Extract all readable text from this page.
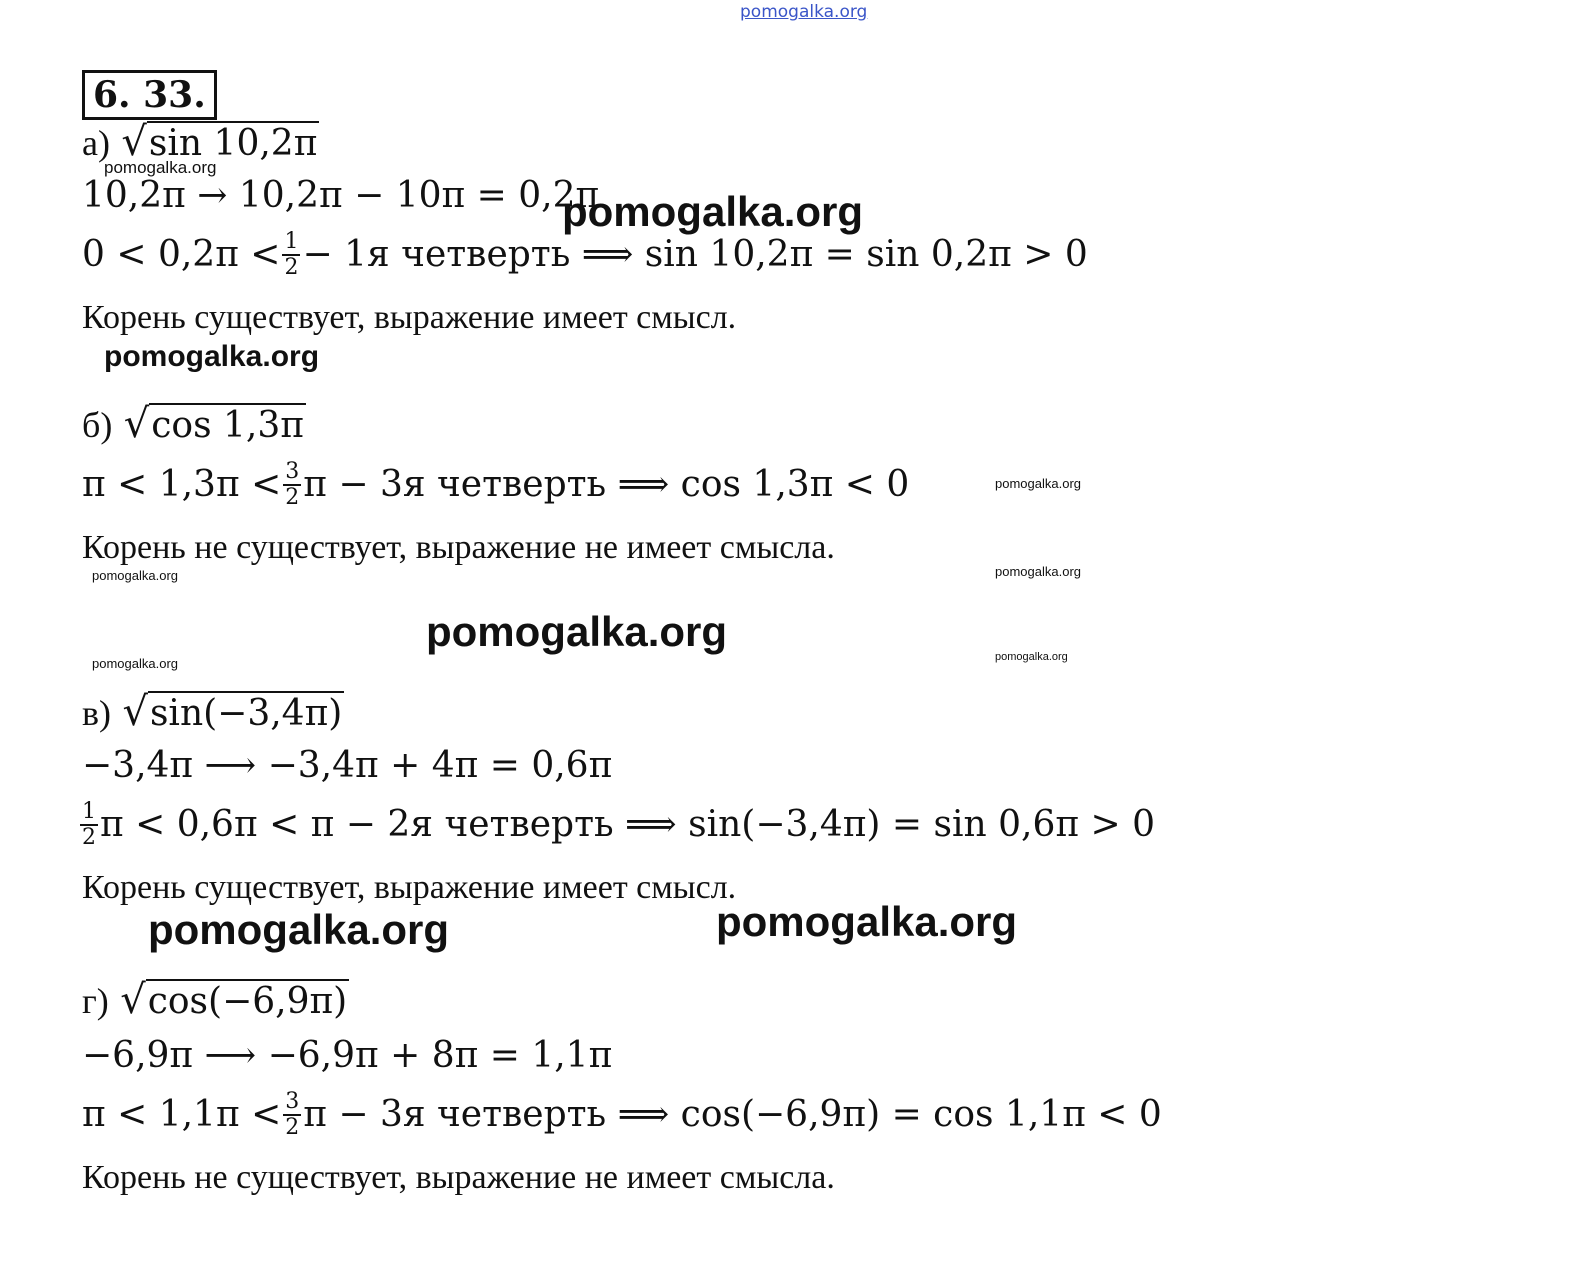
pomogalka.org
6. 33.
а) √sin 10,2π
pomogalka.org
10,2π → 10,2π − 10π = 0,2π
pomogalka.org
$0 < 0,2\pi < \frac{1}{2} - 1я$ четверть ⟹ sin 10,2π = sin 0,2π > 0
Корень существует, выражение имеет смысл.
pomogalka.org
б) √cos 1,3π
$\pi < 1,3\pi < \frac{3}{2}$ π − 3я четверть ⟹ cos 1,3π < 0	pomogalka.org
Корень не существует, выражение не имеет смысла.
pomogalka.org	pomogalka.org
pomogalka.org
pomogalka.org	pomogalka.org
в) √sin(−3,4π)
−3,4π ⟶ −3,4π + 4π = 0,6π
$\frac{1}{2}$ π < 0,6π < π − 2я четверть ⟹ sin(−3,4π) = sin 0,6π > 0
Корень существует, выражение имеет смысл.
pomogalka.org	pomogalka.org
г) √cos(−6,9π)
−6,9π ⟶ −6,9π + 8π = 1,1π
$\pi < 1,1\pi < \frac{3}{2}$ π − 3я четверть ⟹ cos(−6,9π) = cos 1,1π < 0
Корень не существует, выражение не имеет смысла.
